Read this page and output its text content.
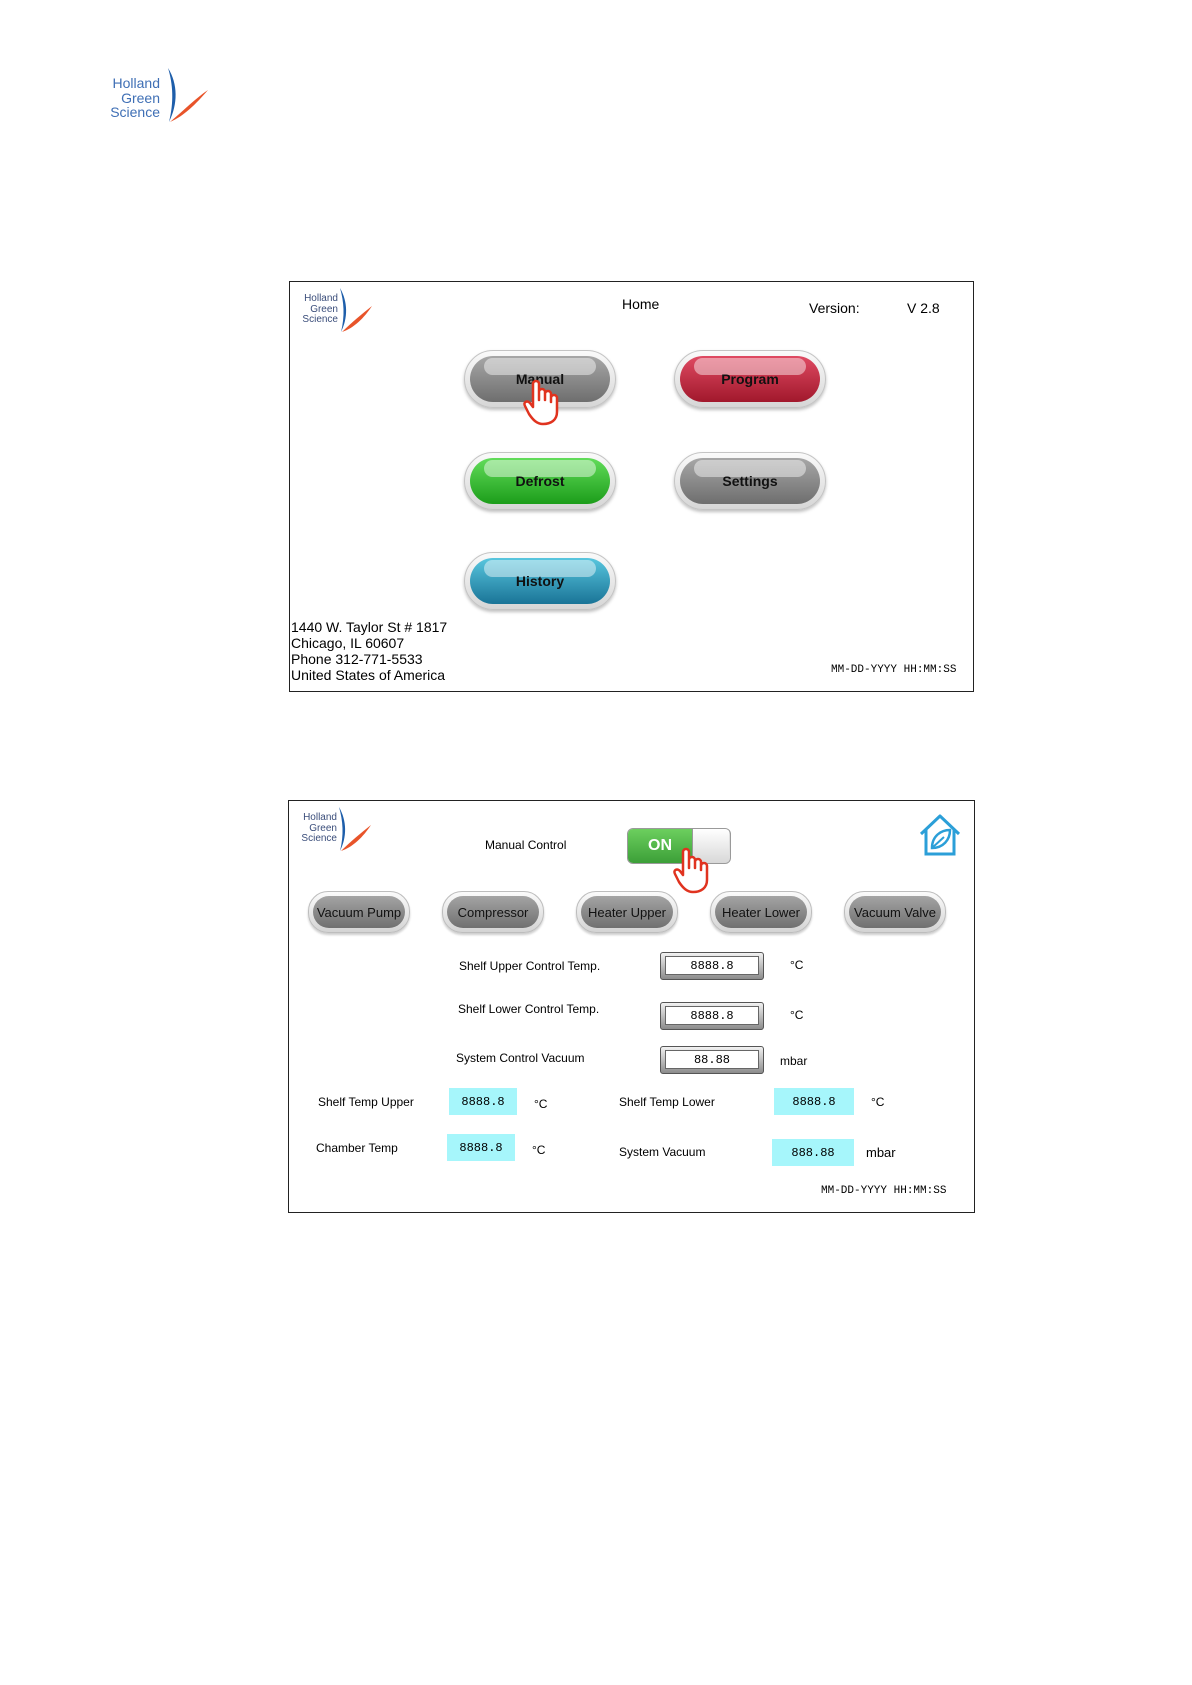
Holland
Green
Science
Holland
Green
Science
Home	Version:	V 2.8
Manual	Program
Defrost	Settings
History
1440 W. Taylor St # 1817
Chicago, IL 60607
Phone 312-771-5533
United States of America	MM-DD-YYYY HH:MM:SS
Holland
Green
Science	Manual Control	ON
Vacuum Pump	Compressor	Heater Upper	Heater Lower	Vacuum Valve
Shelf Upper Control Temp.	8888.8	°C
Shelf Lower Control Temp.	8888.8	°C
System Control Vacuum	88.88	mbar
Shelf Temp Upper	8888.8	°C	Shelf Temp Lower	8888.8	°C
Chamber Temp	8888.8	°C	System Vacuum	888.88	mbar
MM-DD-YYYY HH:MM:SS
